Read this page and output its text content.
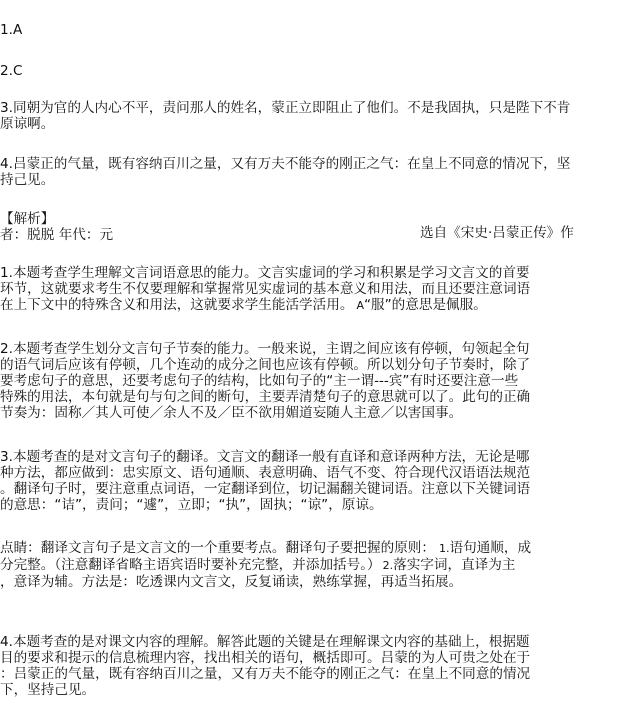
1.A

2.C

3.同朝为官的人内心不平，责问那人的姓名，蒙正立即阻止了他们。不是我固执，只是陛下不肯
原谅啊。
4.吕蒙正的气量，既有容纳百川之量，又有万夫不能夺的刚正之气：在皇上不同意的情况下，坚
持己见。

【解析】

选自《宋史·吕蒙正传》作

者：脱脱 年代：元

1.本题考查学生理解文言词语意思的能力。文言实虚词的学习和积累是学习文言文的首要
环节，这就要求考生不仅要理解和掌握常见实虚词的基本意义和用法，而且还要注意词语
在上下文中的特殊含义和用法，这就要求学生能活学活用。 A“服”的意思是佩服。
2.本题考查学生划分文言句子节奏的能力。一般来说，主谓之间应该有停顿，句领起全句
的语气词后应该有停顿，几个连动的成分之间也应该有停顿。所以划分句子节奏时，除了
要考虑句子的意思，还要考虑句子的结构，比如句子的“主一谓---宾”有时还要注意一些
特殊的用法，本句就是句与句之间的断句，主要弄清楚句子的意思就可以了。此句的正确
节奏为：固称／其人可使／余人不及／臣不欲用媚道妄随人主意／以害国事。
3.本题考查的是对文言句子的翻译。文言文的翻译一般有直译和意译两种方法，无论是哪
种方法，都应做到：忠实原文、语句通顺、表意明确、语气不变、符合现代汉语语法规范
。翻译句子时，要注意重点词语，一定翻译到位，切记漏翻关键词语。注意以下关键词语
的意思：“诘”，责问；“遽”，立即；“执”，固执；“谅”，原谅。
点睛：翻译文言句子是文言文的一个重要考点。翻译句子要把握的原则： 1.语句通顺，成
分完整。（注意翻译省略主语宾语时要补充完整，并添加括号。） 2.落实字词，直译为主
，意译为辅。方法是：吃透课内文言文，反复诵读，熟练掌握，再适当拓展。
4.本题考查的是对课文内容的理解。解答此题的关键是在理解课文内容的基础上，根据题
目的要求和提示的信息梳理内容，找出相关的语句，概括即可。吕蒙的为人可贵之处在于
：吕蒙正的气量，既有容纳百川之量，又有万夫不能夺的刚正之气：在皇上不同意的情况
下，坚持己见。
